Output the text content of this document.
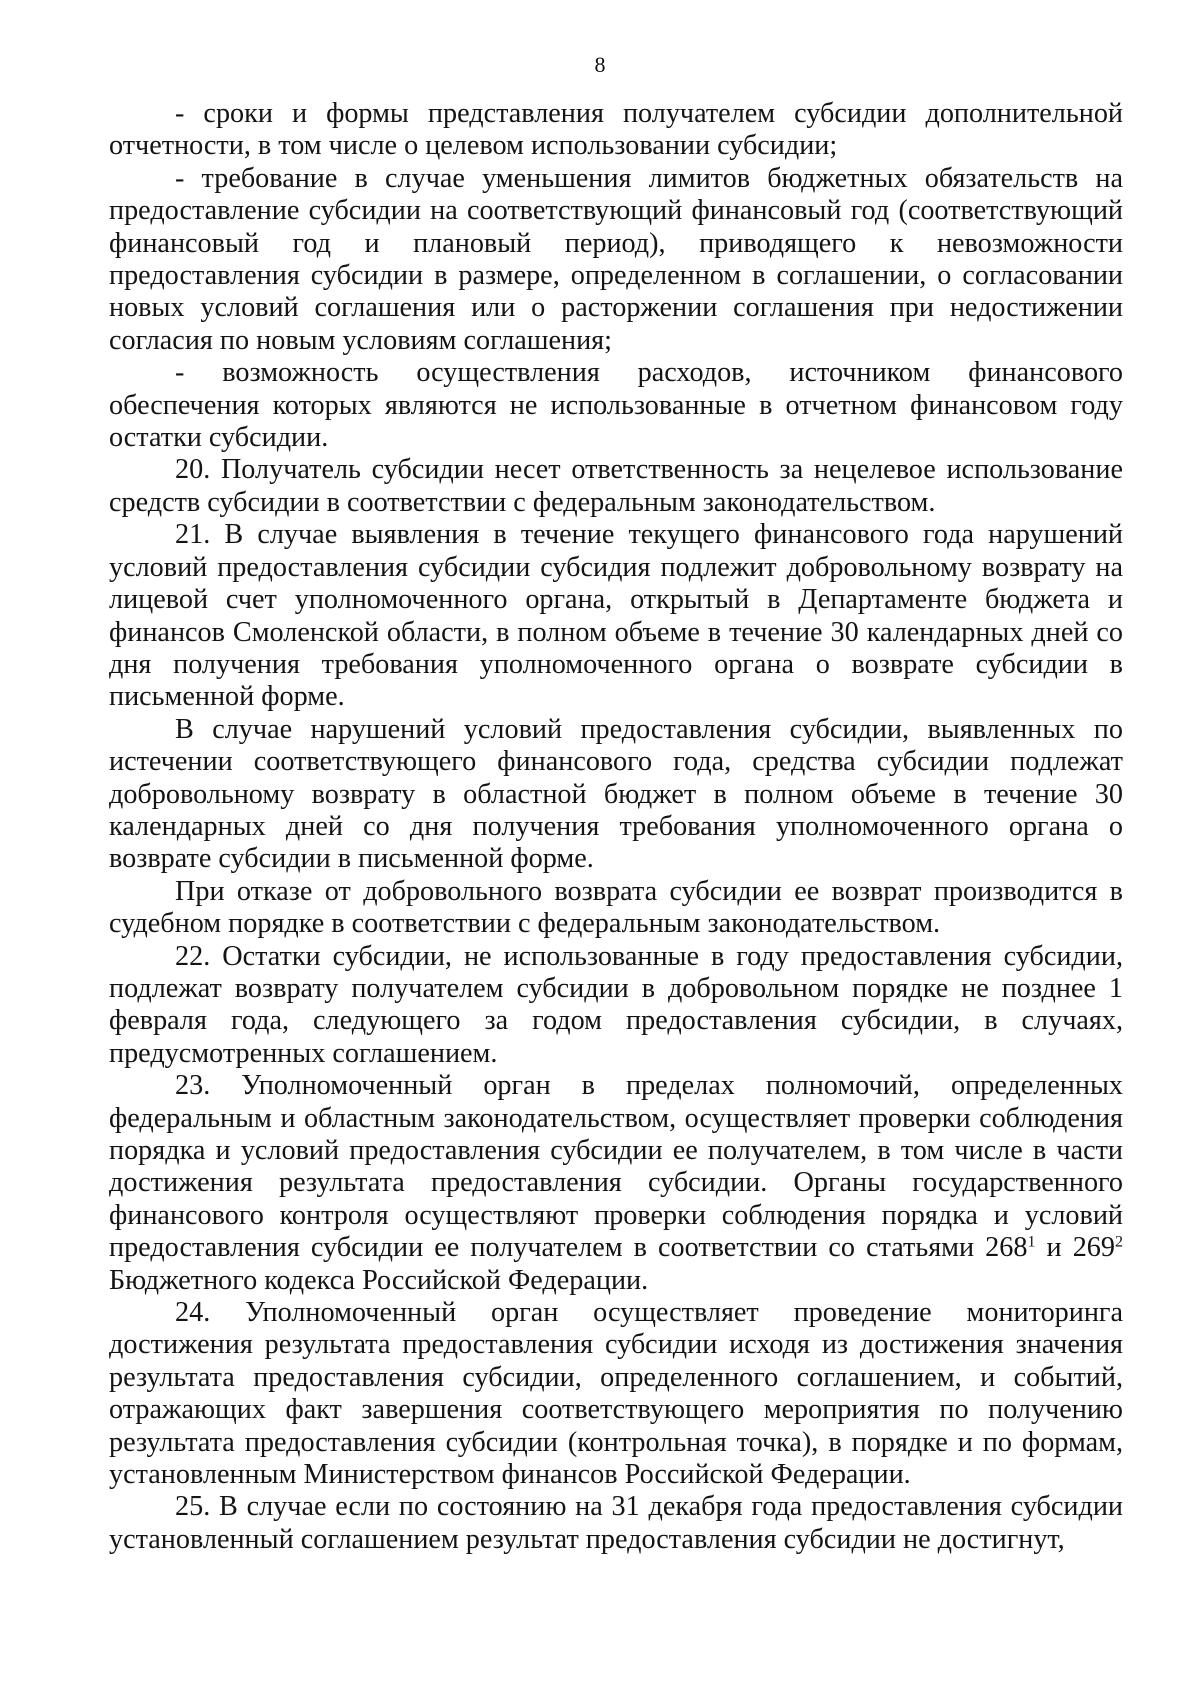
8

- сроки и формы представления получателем субсидии дополнительной отчетности, в том числе о целевом использовании субсидии;

- требование в случае уменьшения лимитов бюджетных обязательств на предоставление субсидии на соответствующий финансовый год (соответствующий финансовый год и плановый период), приводящего к невозможности предоставления субсидии в размере, определенном в соглашении, о согласовании новых условий соглашения или о расторжении соглашения при недостижении согласия по новым условиям соглашения;

- возможность осуществления расходов, источником финансового обеспечения которых являются не использованные в отчетном финансовом году остатки субсидии.

20. Получатель субсидии несет ответственность за нецелевое использование средств субсидии в соответствии с федеральным законодательством.

21. В случае выявления в течение текущего финансового года нарушений условий предоставления субсидии субсидия подлежит добровольному возврату на лицевой счет уполномоченного органа, открытый в Департаменте бюджета и финансов Смоленской области, в полном объеме в течение 30 календарных дней со дня получения требования уполномоченного органа о возврате субсидии в письменной форме.

В случае нарушений условий предоставления субсидии, выявленных по истечении соответствующего финансового года, средства субсидии подлежат добровольному возврату в областной бюджет в полном объеме в течение 30 календарных дней со дня получения требования уполномоченного органа о возврате субсидии в письменной форме.

При отказе от добровольного возврата субсидии ее возврат производится в судебном порядке в соответствии с федеральным законодательством.

22. Остатки субсидии, не использованные в году предоставления субсидии, подлежат возврату получателем субсидии в добровольном порядке не позднее 1 февраля года, следующего за годом предоставления субсидии, в случаях, предусмотренных соглашением.

23. Уполномоченный орган в пределах полномочий, определенных федеральным и областным законодательством, осуществляет проверки соблюдения порядка и условий предоставления субсидии ее получателем, в том числе в части достижения результата предоставления субсидии. Органы государственного финансового контроля осуществляют проверки соблюдения порядка и условий предоставления субсидии ее получателем в соответствии со статьями $268^1$ и $269^2$ Бюджетного кодекса Российской Федерации.

24. Уполномоченный орган осуществляет проведение мониторинга достижения результата предоставления субсидии исходя из достижения значения результата предоставления субсидии, определенного соглашением, и событий, отражающих факт завершения соответствующего мероприятия по получению результата предоставления субсидии (контрольная точка), в порядке и по формам, установленным Министерством финансов Российской Федерации.

25. В случае если по состоянию на 31 декабря года предоставления субсидии установленный соглашением результат предоставления субсидии не достигнут,
